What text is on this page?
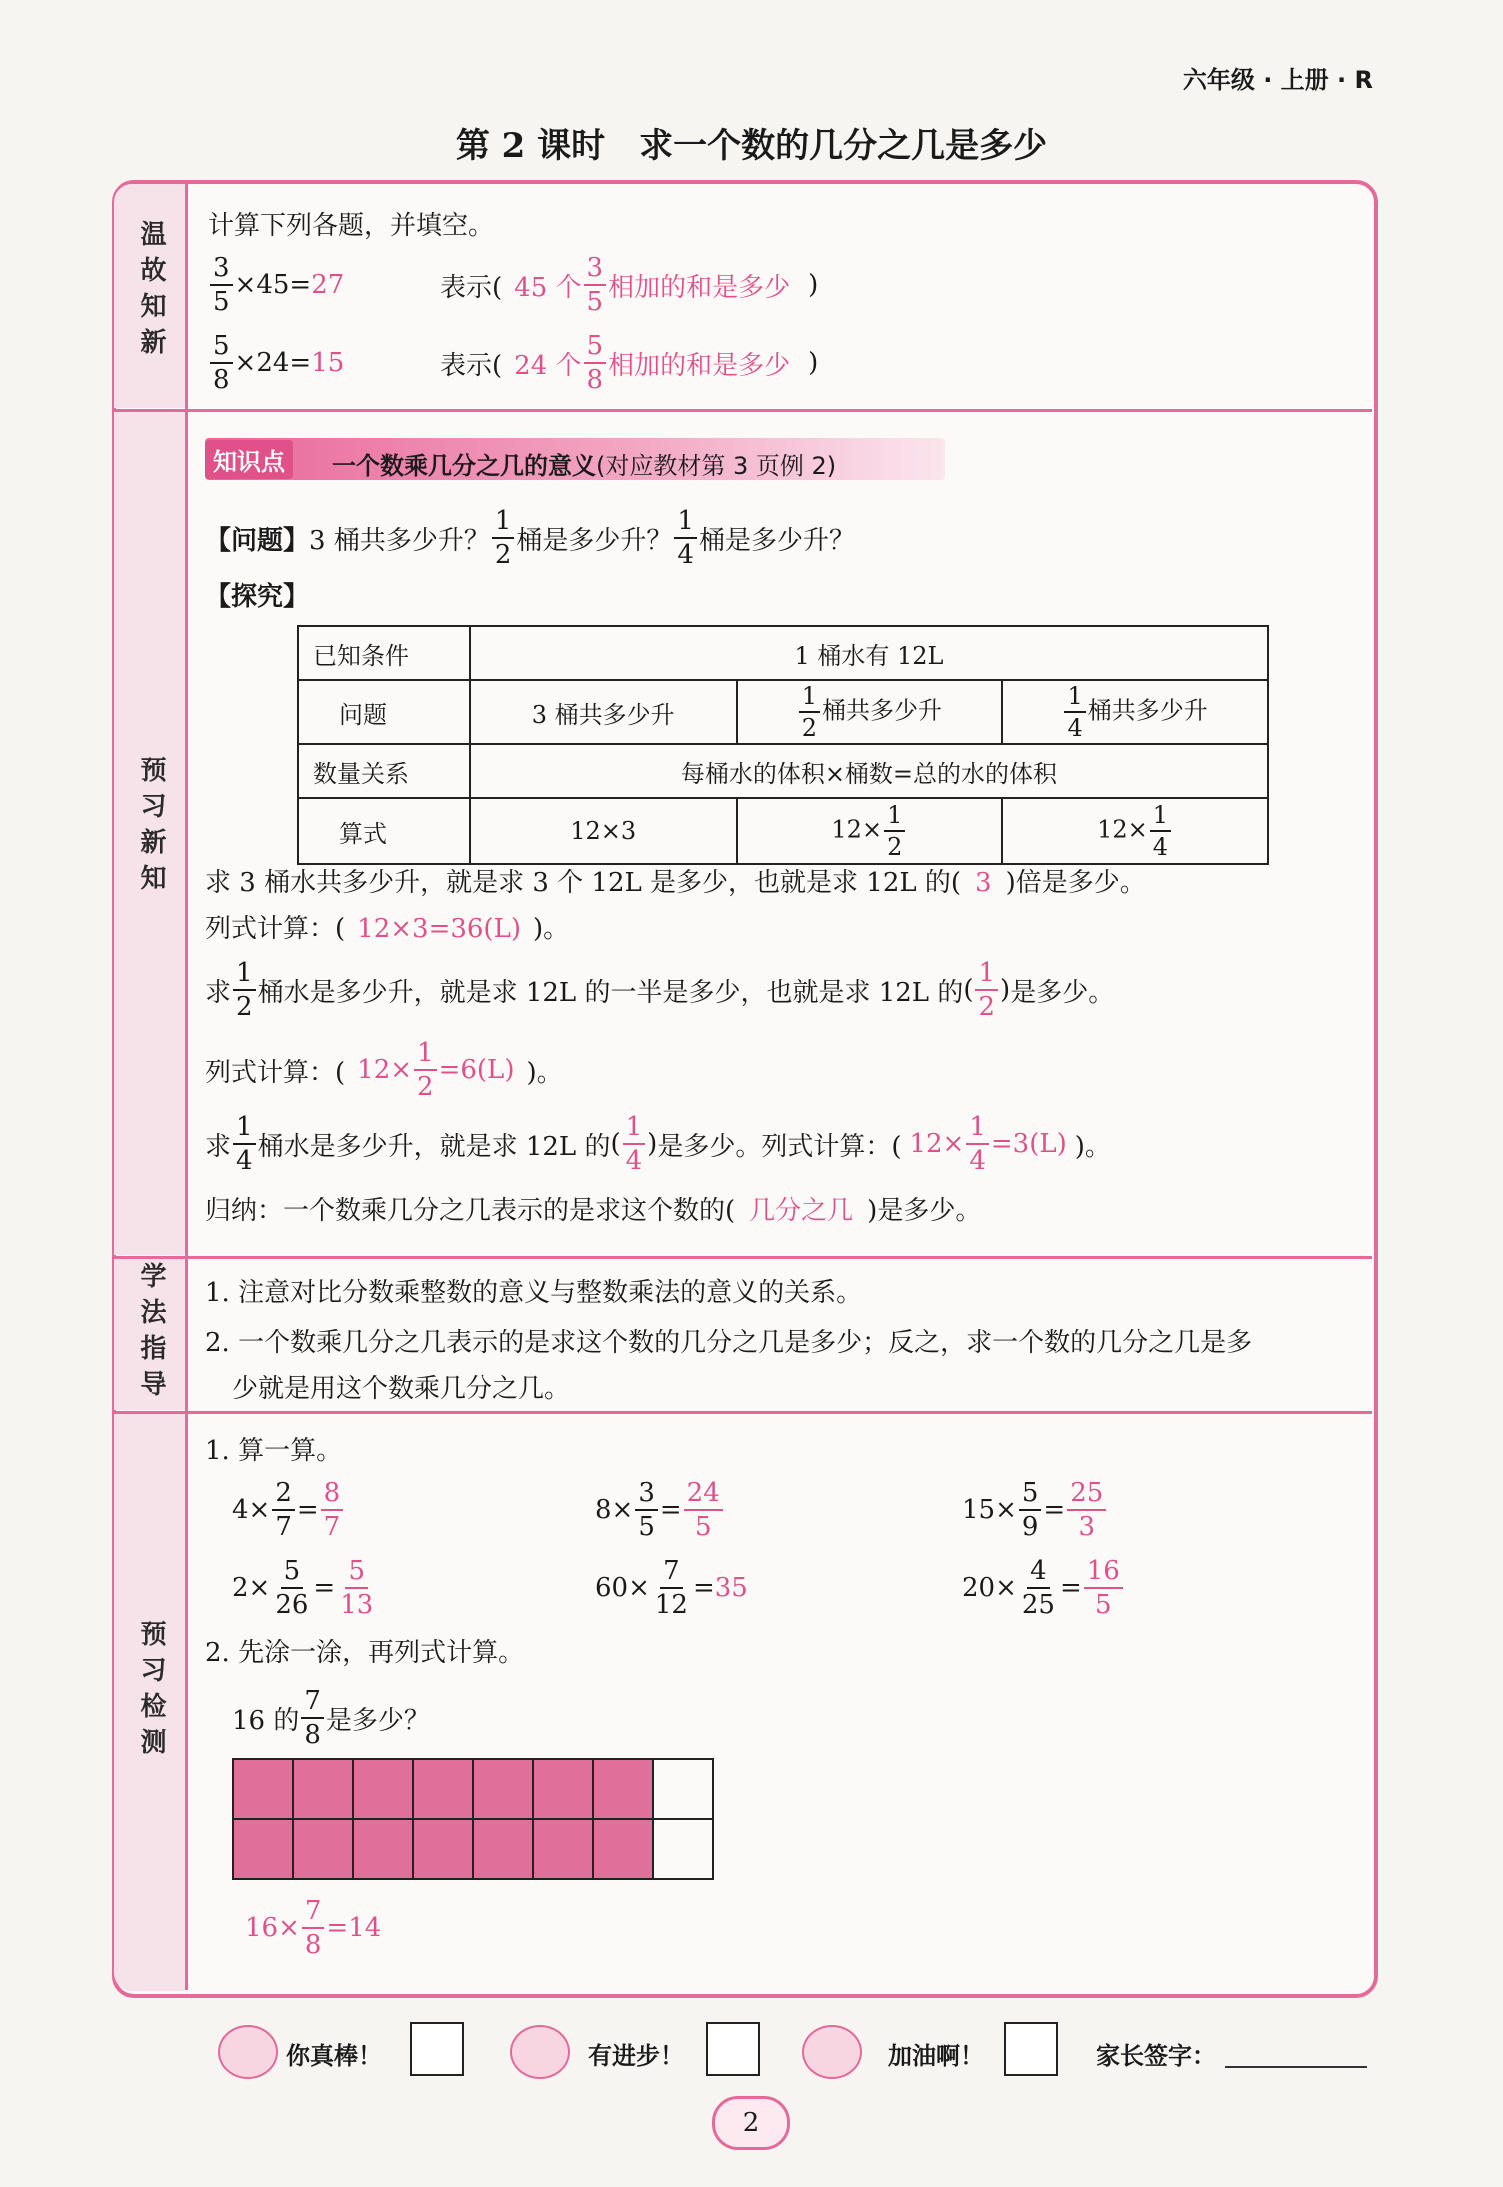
六年级 · 上册 · R
第 2 课时　求一个数的几分之几是多少
温故知新
预习新知
学法指导
预习检测
计算下列各题，并填空。
$\frac{3}{5} \times 45= 27$	表示( 45 个 $\frac{3}{5}$ 相加的和是多少 )
$\frac{5}{8} \times 24= 15$	表示( 24 个 $\frac{5}{8}$ 相加的和是多少 )
知识点	一个数乘几分之几的意义(对应教材第 3 页例 2)
【问题】 3 桶共多少升？ $\frac{1}{2}$ 桶是多少升？ $\frac{1}{4}$ 桶是多少升？
【探究】
已知条件	1 桶水有 12L		
问题	3 桶共多少升	$\frac{1}{2}$ 桶共多少升	$\frac{1}{4}$ 桶共多少升
数量关系	每桶水的体积×桶数=总的水的体积		
算式	12×3	$12\times \frac{1}{2}$	$12\times \frac{1}{4}$
求 3 桶水共多少升，就是求 3 个 12L 是多少，也就是求 12L 的( 3 )倍是多少。
列式计算：( 12×3=36(L) )。
求 $\frac{1}{2}$ 桶水是多少升，就是求 12L 的一半是多少，也就是求 12L 的 ( $\frac{1}{2}$ ) 是多少。
列式计算：( $12\times \frac{1}{2} =6(L)$ )。
求 $\frac{1}{4}$ 桶水是多少升，就是求 12L 的 ( $\frac{1}{4}$ ) 是多少。列式计算：( $12\times \frac{1}{4} =3(L)$ )。
归纳：一个数乘几分之几表示的是求这个数的( 几分之几 )是多少。
1. 注意对比分数乘整数的意义与整数乘法的意义的关系。
2. 一个数乘几分之几表示的是求这个数的几分之几是多少；反之，求一个数的几分之几是多
少就是用这个数乘几分之几。
1. 算一算。
$4\times \frac{2}{7} = \frac{8}{7}$	$8\times \frac{3}{5} = \frac{24}{5}$	$15\times \frac{5}{9} = \frac{25}{3}$
$2\times \frac{5}{26} = \frac{5}{13}$	$60\times \frac{7}{12} = 35$	$20\times \frac{4}{25} = \frac{16}{5}$
2. 先涂一涂，再列式计算。
16 的 $\frac{7}{8}$ 是多少？
$16\times \frac{7}{8} =14$
你真棒！	有进步！	加油啊！	家长签字：
2
